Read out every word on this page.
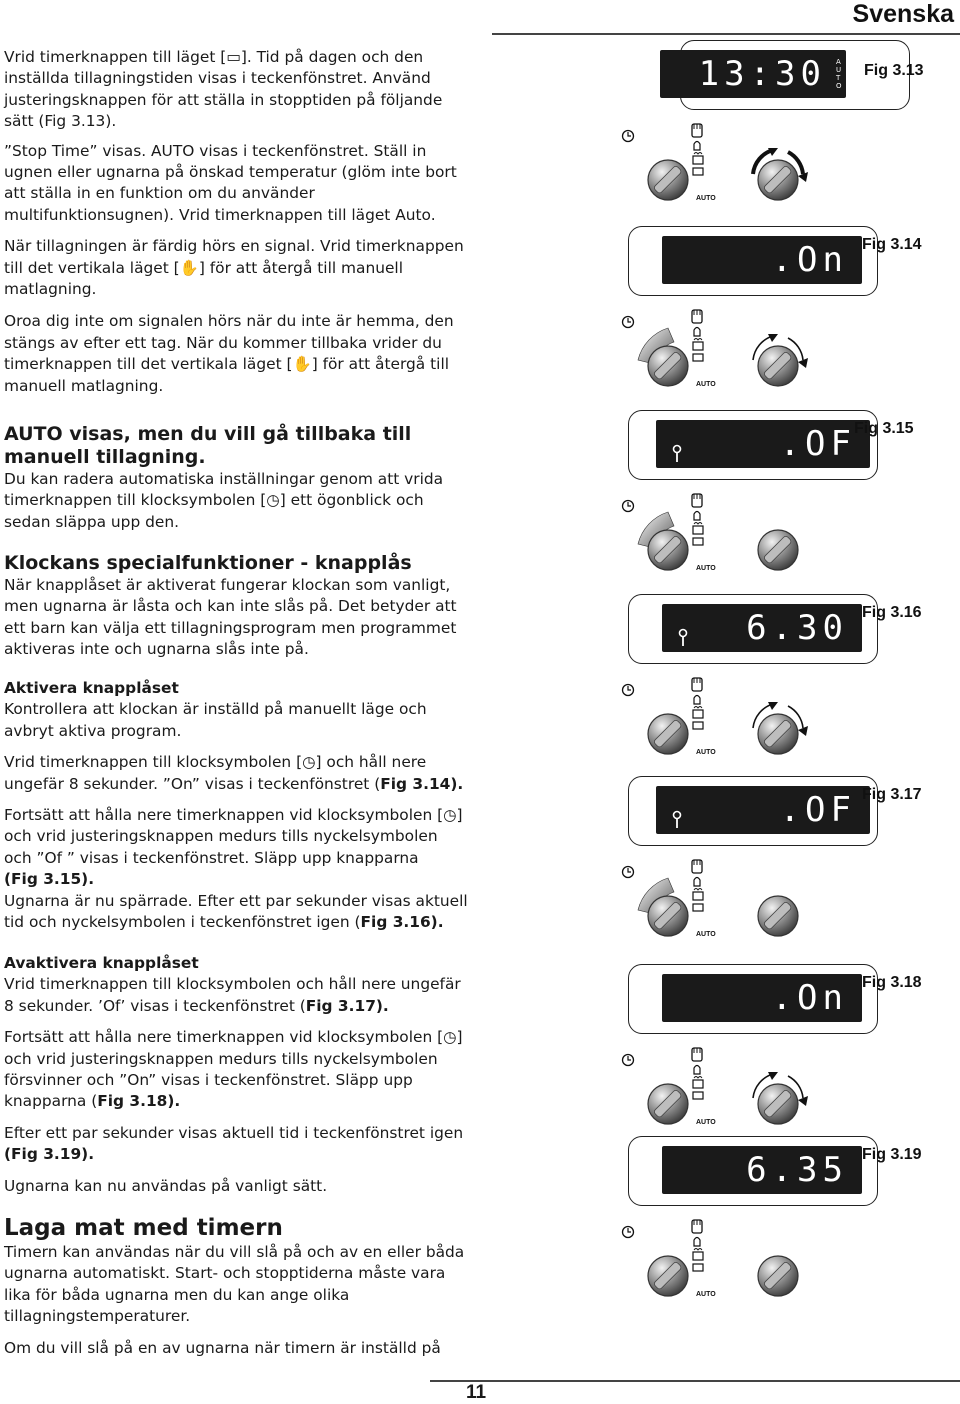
Svenska

Vrid timerknappen till läget [▭]. Tid på dagen och den inställda tillagningstiden visas i teckenfönstret. Använd justeringsknappen för att ställa in stopptiden på följande sätt (Fig 3.13).

”Stop Time” visas. AUTO visas i teckenfönstret. Ställ in ugnen eller ugnarna på önskad temperatur (glöm inte bort att ställa in en funktion om du använder multifunktionsugnen). Vrid timerknappen till läget Auto.

När tillagningen är färdig hörs en signal. Vrid timerknappen till det vertikala läget [✋] för att återgå till manuell matlagning.

Oroa dig inte om signalen hörs när du inte är hemma, den stängs av efter ett tag. När du kommer tillbaka vrider du timerknappen till det vertikala läget [✋] för att återgå till manuell matlagning.

AUTO visas, men du vill gå tillbaka till manuell tillagning.

Du kan radera automatiska inställningar genom att vrida timerknappen till klocksymbolen [◷] ett ögonblick och sedan släppa upp den.

Klockans specialfunktioner - knapplås

När knapplåset är aktiverat fungerar klockan som vanligt, men ugnarna är låsta och kan inte slås på. Det betyder att ett barn kan välja ett tillagningsprogram men programmet aktiveras inte och ugnarna slås inte på.

Aktivera knapplåset

Kontrollera att klockan är inställd på manuellt läge och avbryt aktiva program.

Vrid timerknappen till klocksymbolen [◷] och håll nere ungefär 8 sekunder. ”On” visas i teckenfönstret (Fig 3.14).

Fortsätt att hålla nere timerknappen vid klocksymbolen [◷] och vrid justeringsknappen medurs tills nyckelsymbolen och ”Of ” visas i teckenfönstret. Släpp upp knapparna
(Fig 3.15).
Ugnarna är nu spärrade. Efter ett par sekunder visas aktuell tid och nyckelsymbolen i teckenfönstret igen (Fig 3.16).

Avaktivera knapplåset

Vrid timerknappen till klocksymbolen och håll nere ungefär 8 sekunder. ’Of’ visas i teckenfönstret (Fig 3.17).

Fortsätt att hålla nere timerknappen vid klocksymbolen [◷] och vrid justeringsknappen medurs tills nyckelsymbolen försvinner och ”On” visas i teckenfönstret. Släpp upp knapparna (Fig 3.18).

Efter ett par sekunder visas aktuell tid i teckenfönstret igen
(Fig 3.19).

Ugnarna kan nu användas på vanligt sätt.

Laga mat med timern

Timern kan användas när du vill slå på och av en eller båda ugnarna automatiskt. Start- och stopptiderna måste vara lika för båda ugnarna men du kan ange olika tillagningstemperaturer.

Om du vill slå på en av ugnarna när timern är inställd på

13:30 AUTO
AUTO
Fig 3.13
.On
AUTO
Fig 3.14
.OF
AUTO
Fig 3.15
6.30
AUTO
Fig 3.16
.OF
AUTO
Fig 3.17
.On
AUTO
Fig 3.18
6.35
AUTO
Fig 3.19
11
